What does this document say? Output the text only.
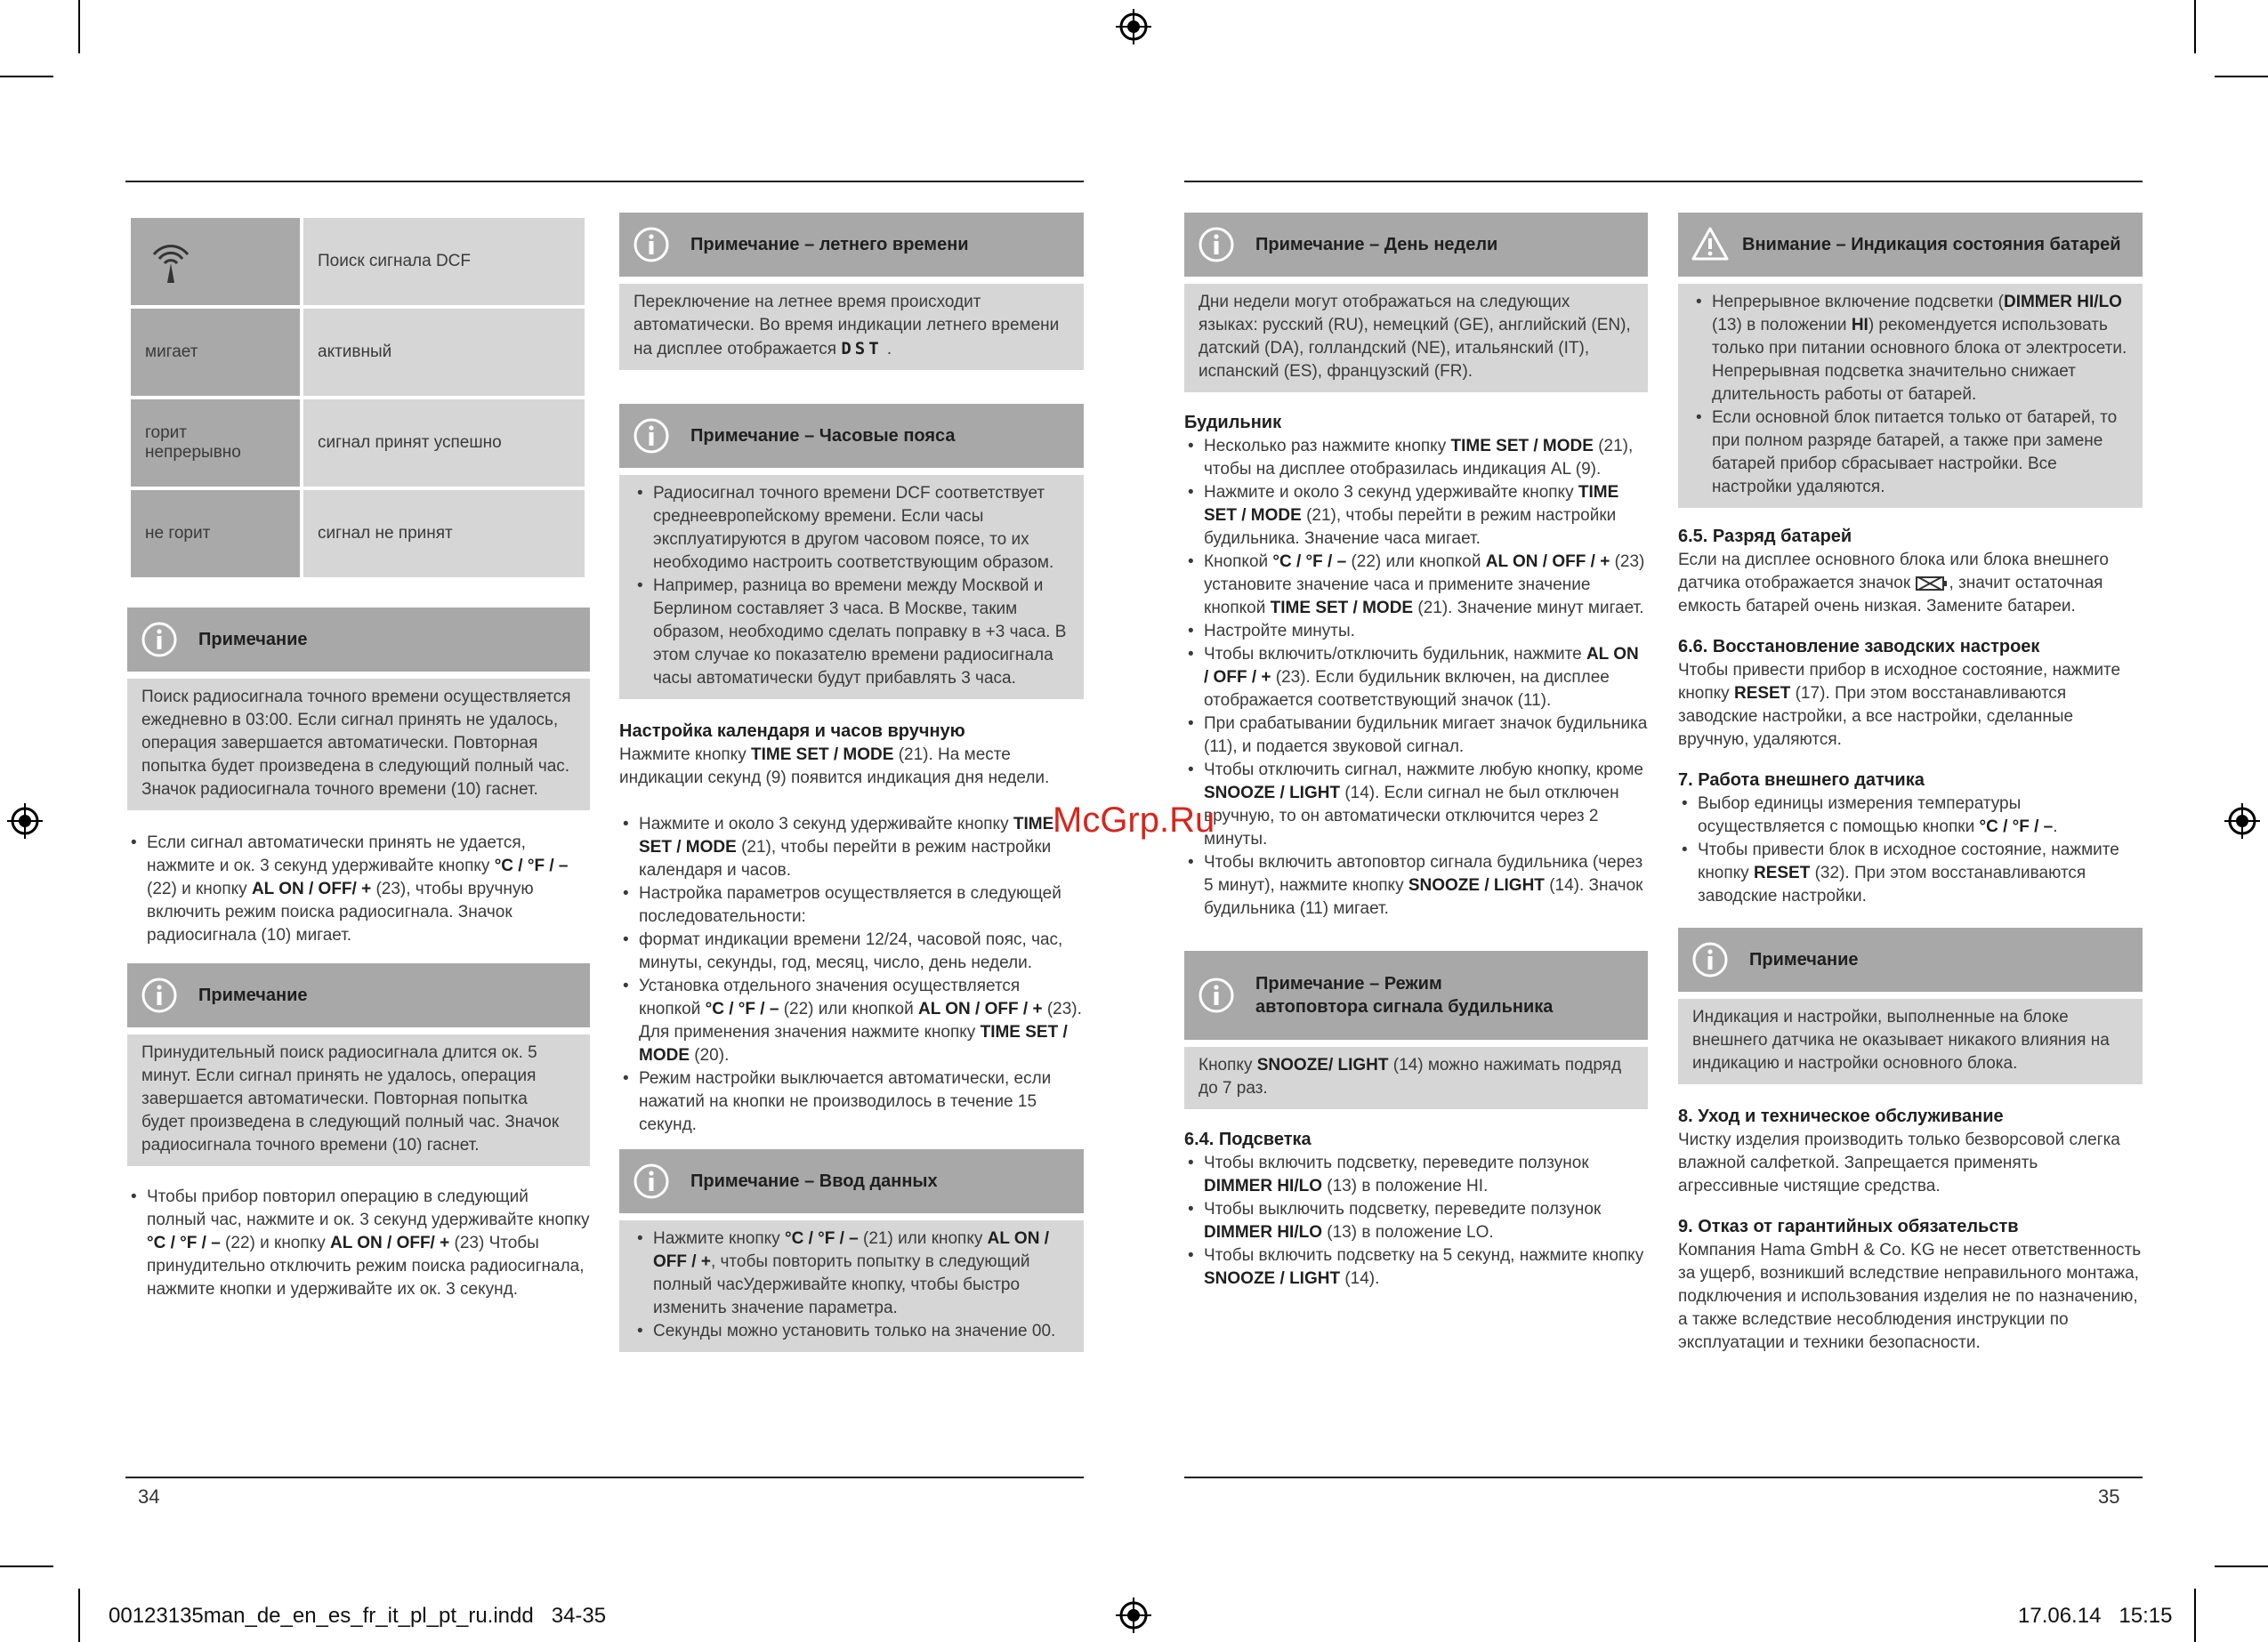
	Поиск сигнала DCF
мигает	активный
горит непрерывно	сигнал принят успешно
не горит	сигнал не принят
Примечание
Поиск радиосигнала точного времени осуществляется ежедневно в 03:00. Если сигнал принять не удалось, операция завершается автоматически. Повторная попытка будет произведена в следующий полный час. Значок радиосигнала точного времени (10) гаснет.
• Если сигнал автоматически принять не удается, нажмите и ок. 3 секунд удерживайте кнопку °C / °F / – (22) и кнопку AL ON / OFF/ + (23), чтобы вручную включить режим поиска радиосигнала. Значок радиосигнала (10) мигает.
Примечание
Принудительный поиск радиосигнала длится ок. 5 минут. Если сигнал принять не удалось, операция завершается автоматически. Повторная попытка будет произведена в следующий полный час. Значок радиосигнала точного времени (10) гаснет.
• Чтобы прибор повторил операцию в следующий полный час, нажмите и ок. 3 секунд удерживайте кнопку °C / °F / – (22) и кнопку AL ON / OFF/ + (23) Чтобы принудительно отключить режим поиска радиосигнала, нажмите кнопки и удерживайте их ок. 3 секунд.
Примечание – летнего времени
Переключение на летнее время происходит автоматически. Во время индикации летнего времени на дисплее отображается DST .
Примечание – Часовые пояса
• Радиосигнал точного времени DCF соответствует среднеевропейскому времени. Если часы эксплуатируются в другом часовом поясе, то их необходимо настроить соответствующим образом.
• Например, разница во времени между Москвой и Берлином составляет 3 часа. В Москве, таким образом, необходимо сделать поправку в +3 часа. В этом случае ко показателю времени радиосигнала часы автоматически будут прибавлять 3 часа.
Настройка календаря и часов вручную
Нажмите кнопку TIME SET / MODE (21). На месте индикации секунд (9) появится индикация дня недели.
• Нажмите и около 3 секунд удерживайте кнопку TIME SET / MODE (21), чтобы перейти в режим настройки календаря и часов.
• Настройка параметров осуществляется в следующей последовательности:
• формат индикации времени 12/24, часовой пояс, час, минуты, секунды, год, месяц, число, день недели.
• Установка отдельного значения осуществляется кнопкой °C / °F / – (22) или кнопкой AL ON / OFF / + (23). Для применения значения нажмите кнопку TIME SET / MODE (20).
• Режим настройки выключается автоматически, если нажатий на кнопки не производилось в течение 15 секунд.
Примечание – Ввод данных
• Нажмите кнопку °C / °F / – (21) или кнопку AL ON / OFF / +, чтобы повторить попытку в следующий полный часУдерживайте кнопку, чтобы быстро изменить значение параметра.
• Секунды можно установить только на значение 00.
Примечание – День недели
Дни недели могут отображаться на следующих языках: русский (RU), немецкий (GE), английский (EN), датский (DA), голландский (NE), итальянский (IT), испанский (ES), французский (FR).
Будильник
• Несколько раз нажмите кнопку TIME SET / MODE (21), чтобы на дисплее отобразилась индикация AL (9).
• Нажмите и около 3 секунд удерживайте кнопку TIME SET / MODE (21), чтобы перейти в режим настройки будильника. Значение часа мигает.
• Кнопкой °C / °F / – (22) или кнопкой AL ON / OFF / + (23) установите значение часа и примените значение кнопкой TIME SET / MODE (21). Значение минут мигает.
• Настройте минуты.
• Чтобы включить/отключить будильник, нажмите AL ON / OFF / + (23). Если будильник включен, на дисплее отображается соответствующий значок (11).
• При срабатывании будильник мигает значок будильника (11), и подается звуковой сигнал.
• Чтобы отключить сигнал, нажмите любую кнопку, кроме SNOOZE / LIGHT (14). Если сигнал не был отключен вручную, то он автоматически отключится через 2 минуты.
• Чтобы включить автоповтор сигнала будильника (через 5 минут), нажмите кнопку SNOOZE / LIGHT (14). Значок будильника (11) мигает.
Примечание – Режим автоповтора сигнала будильника
Кнопку SNOOZE/ LIGHT (14) можно нажимать подряд до 7 раз.
6.4. Подсветка
• Чтобы включить подсветку, переведите ползунок DIMMER HI/LO (13) в положение HI.
• Чтобы выключить подсветку, переведите ползунок DIMMER HI/LO (13) в положение LO.
• Чтобы включить подсветку на 5 секунд, нажмите кнопку SNOOZE / LIGHT (14).
Внимание – Индикация состояния батарей
• Непрерывное включение подсветки (DIMMER HI/LO (13) в положении HI) рекомендуется использовать только при питании основного блока от электросети. Непрерывная подсветка значительно снижает длительность работы от батарей.
• Если основной блок питается только от батарей, то при полном разряде батарей, а также при замене батарей прибор сбрасывает настройки. Все настройки удаляются.
6.5. Разряд батарей
Если на дисплее основного блока или блока внешнего датчика отображается значок , значит остаточная емкость батарей очень низкая. Замените батареи.
6.6. Восстановление заводских настроек
Чтобы привести прибор в исходное состояние, нажмите кнопку RESET (17). При этом восстанавливаются заводские настройки, а все настройки, сделанные вручную, удаляются.
7. Работа внешнего датчика
• Выбор единицы измерения температуры осуществляется с помощью кнопки °C / °F / –.
• Чтобы привести блок в исходное состояние, нажмите кнопку RESET (32). При этом восстанавливаются заводские настройки.
Примечание
Индикация и настройки, выполненные на блоке внешнего датчика не оказывает никакого влияния на индикацию и настройки основного блока.
8. Уход и техническое обслуживание
Чистку изделия производить только безворсовой слегка влажной салфеткой. Запрещается применять агрессивные чистящие средства.
9. Отказ от гарантийных обязательств
Компания Hama GmbH & Co. KG не несет ответственность за ущерб, возникший вследствие неправильного монтажа, подключения и использования изделия не по назначению, а также вследствие несоблюдения инструкции по эксплуатации и техники безопасности.
34	35
00123135man_de_en_es_fr_it_pl_pt_ru.indd   34-35	17.06.14   15:15
McGrp.Ru
